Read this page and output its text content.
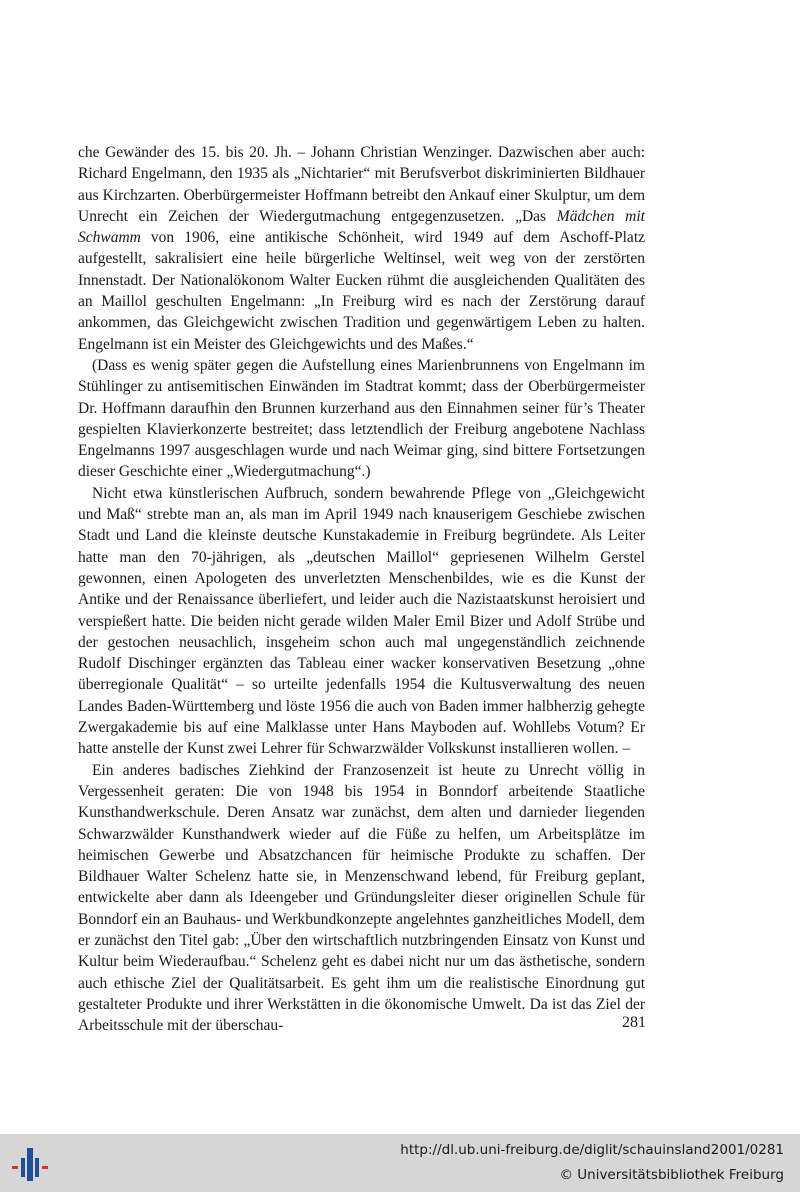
che Gewänder des 15. bis 20. Jh. – Johann Christian Wenzinger. Dazwischen aber auch: Richard Engelmann, den 1935 als „Nichtarier“ mit Berufsverbot diskriminierten Bildhauer aus Kirchzarten. Oberbürgermeister Hoffmann betreibt den Ankauf einer Skulptur, um dem Unrecht ein Zeichen der Wiedergutmachung entgegenzusetzen. „Das Mädchen mit Schwamm von 1906, eine antikische Schönheit, wird 1949 auf dem Aschoff-Platz aufgestellt, sakralisiert eine heile bürgerliche Weltinsel, weit weg von der zerstörten Innenstadt. Der Nationalökonom Walter Eucken rühmt die ausgleichenden Qualitäten des an Maillol geschulten Engelmann: „In Freiburg wird es nach der Zerstörung darauf ankommen, das Gleichgewicht zwischen Tradition und gegenwärtigem Leben zu halten. Engelmann ist ein Meister des Gleichgewichts und des Maßes.“

(Dass es wenig später gegen die Aufstellung eines Marienbrunnens von Engelmann im Stühlinger zu antisemitischen Einwänden im Stadtrat kommt; dass der Oberbürgermeister Dr. Hoffmann daraufhin den Brunnen kurzerhand aus den Einnahmen seiner für’s Theater gespielten Klavierkonzerte bestreitet; dass letztendlich der Freiburg angebotene Nachlass Engelmanns 1997 ausgeschlagen wurde und nach Weimar ging, sind bittere Fortsetzungen dieser Geschichte einer „Wiedergutmachung“.)

Nicht etwa künstlerischen Aufbruch, sondern bewahrende Pflege von „Gleichgewicht und Maß“ strebte man an, als man im April 1949 nach knauserigem Geschiebe zwischen Stadt und Land die kleinste deutsche Kunstakademie in Freiburg begründete. Als Leiter hatte man den 70-jährigen, als „deutschen Maillol“ gepriesenen Wilhelm Gerstel gewonnen, einen Apologeten des unverletzten Menschenbildes, wie es die Kunst der Antike und der Renaissance überliefert, und leider auch die Nazistaatskunst heroisiert und verspießert hatte. Die beiden nicht gerade wilden Maler Emil Bizer und Adolf Strübe und der gestochen neusachlich, insgeheim schon auch mal ungegenständlich zeichnende Rudolf Dischinger ergänzten das Tableau einer wacker konservativen Besetzung „ohne überregionale Qualität“ – so urteilte jedenfalls 1954 die Kultusverwaltung des neuen Landes Baden-Württemberg und löste 1956 die auch von Baden immer halbherzig gehegte Zwergakademie bis auf eine Malklasse unter Hans Mayboden auf. Wohllebs Votum? Er hatte anstelle der Kunst zwei Lehrer für Schwarzwälder Volkskunst installieren wollen. –

Ein anderes badisches Ziehkind der Franzosenzeit ist heute zu Unrecht völlig in Vergessenheit geraten: Die von 1948 bis 1954 in Bonndorf arbeitende Staatliche Kunsthandwerkschule. Deren Ansatz war zunächst, dem alten und darnieder liegenden Schwarzwälder Kunsthandwerk wieder auf die Füße zu helfen, um Arbeitsplätze im heimischen Gewerbe und Absatzchancen für heimische Produkte zu schaffen. Der Bildhauer Walter Schelenz hatte sie, in Menzenschwand lebend, für Freiburg geplant, entwickelte aber dann als Ideengeber und Gründungsleiter dieser originellen Schule für Bonndorf ein an Bauhaus- und Werkbundkonzepte angelehntes ganzheitliches Modell, dem er zunächst den Titel gab: „Über den wirtschaftlich nutzbringenden Einsatz von Kunst und Kultur beim Wiederaufbau.“ Schelenz geht es dabei nicht nur um das ästhetische, sondern auch ethische Ziel der Qualitätsarbeit. Es geht ihm um die realistische Einordnung gut gestalteter Produkte und ihrer Werkstätten in die ökonomische Umwelt. Da ist das Ziel der Arbeitsschule mit der überschau-	281
http://dl.ub.uni-freiburg.de/diglit/schauinsland2001/0281
© Universitätsbibliothek Freiburg
